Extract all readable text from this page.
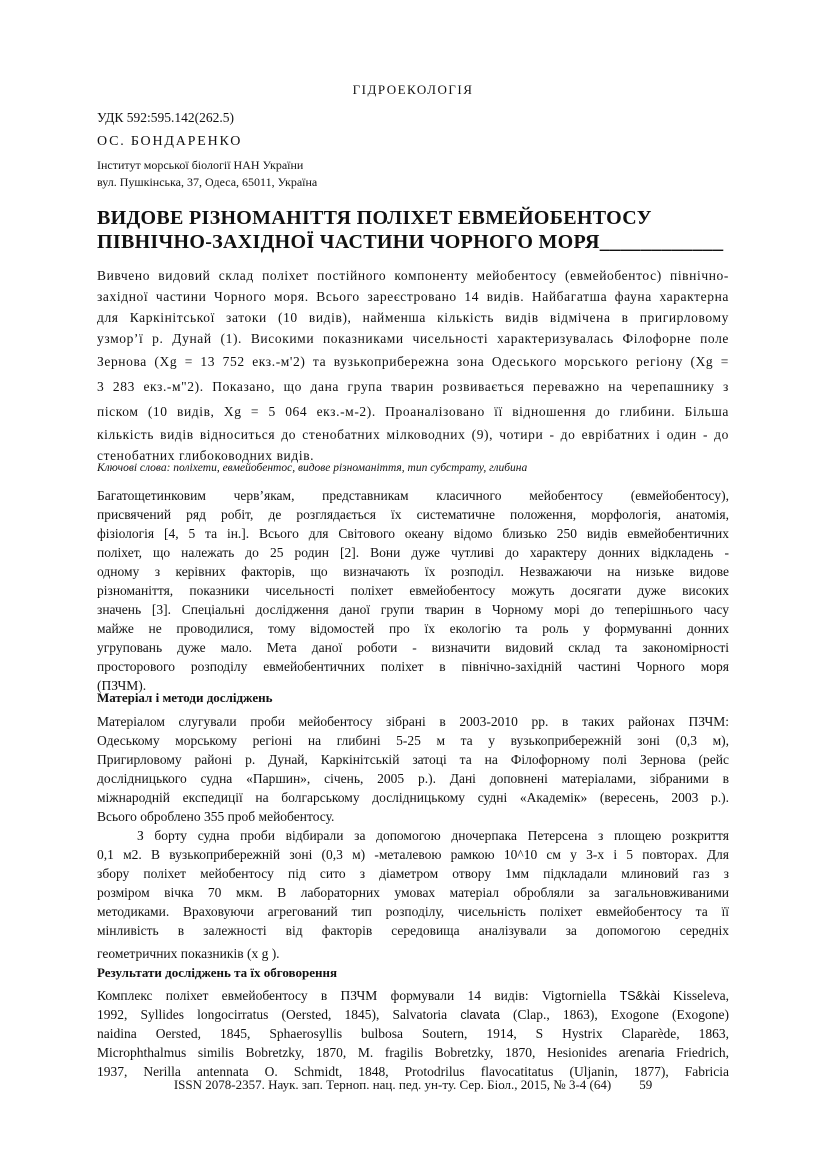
ГІДРОЕКОЛОГІЯ
УДК 592:595.142(262.5)
ОС. БОНДАРЕНКО
Інститут морської біології НАН України
вул. Пушкінська, 37, Одеса, 65011, Україна
ВИДОВЕ РІЗНОМАНІТТЯ ПОЛІХЕТ ЕВМЕЙОБЕНТОСУ
ПІВНІЧНО-ЗАХІДНОЇ ЧАСТИНИ ЧОРНОГО МОРЯ____________
Вивчено видовий склад поліхет постійного компоненту мейобентосу (евмейобентос) північно-
західної частини Чорного моря. Всього зареєстровано 14 видів. Найбагатша фауна характерна
для Каркінітської затоки (10 видів), найменша кількість видів відмічена в пригирловому
узмор’ї р. Дунай (1). Високими показниками чисельності характеризувалась Філофорне поле
Зернова (Xg = 13 752 екз.-м'2) та вузькоприбережна зона Одеського морського регіону (Xg =
3 283 екз.-м"2). Показано, що дана група тварин розвивається переважно на черепашнику з
піском (10 видів, Xg = 5 064 екз.-м-2). Проаналізовано її відношення до глибини. Більша
кількість видів відноситься до стенобатних мілководних (9), чотири - до еврібатних і один - до
стенобатних глибоководних видів.
Ключові слова: поліхети, евмейобентос, видове різноманіття, тип субстрату, глибина
Багатощетинковим черв’якам, представникам класичного мейобентосу (евмейобентосу),
присвячений ряд робіт, де розглядається їх систематичне положення, морфологія, анатомія,
фізіологія [4, 5 та ін.]. Всього для Світового океану відомо близько 250 видів евмейобентичних
поліхет, що належать до 25 родин [2]. Вони дуже чутливі до характеру донних відкладень -
одному з керівних факторів, що визначають їх розподіл. Незважаючи на низьке видове
різноманіття, показники чисельності поліхет евмейобентосу можуть досягати дуже високих
значень [3]. Спеціальні дослідження даної групи тварин в Чорному морі до теперішнього часу
майже не проводилися, тому відомостей про їх екологію та роль у формуванні донних
угруповань дуже мало. Мета даної роботи - визначити видовий склад та закономірності
просторового розподілу евмейобентичних поліхет в північно-західній частині Чорного моря
(ПЗЧМ).
Матеріал і методи досліджень
Матеріалом слугували проби мейобентосу зібрані в 2003-2010 рр. в таких районах ПЗЧМ:
Одеському морському регіоні на глибині 5-25 м та у вузькоприбережній зоні (0,3 м),
Пригирловому районі р. Дунай, Каркінітській затоці та на Філофорному полі Зернова (рейс
дослідницького судна «Паршин», січень, 2005 р.). Дані доповнені матеріалами, зібраними в
міжнародній експедиції на болгарському дослідницькому судні «Академік» (вересень, 2003 р.).
Всього оброблено 355 проб мейобентосу.
З борту судна проби відбирали за допомогою дночерпака Петерсена з площею розкриття
0,1 м2. В вузькоприбережній зоні (0,3 м) -металевою рамкою 10^10 см у 3-х і 5 повторах. Для
збору поліхет мейобентосу під сито з діаметром отвору 1мм підкладали млиновий газ з
розміром вічка 70 мкм. В лабораторних умовах матеріал обробляли за загальновживаними
методиками. Враховуючи агрегований тип розподілу, чисельність поліхет евмейобентосу та її
мінливість в залежності від факторів середовища аналізували за допомогою середніх
геометричних показників (x g ).
Результати досліджень та їх обговорення
Комплекс поліхет евмейобентосу в ПЗЧМ формували 14 видів: Vigtorniella TS&kài Kisseleva,
1992, Syllides longocirratus (Oersted, 1845), Salvatoria clavata (Clap., 1863), Exogone (Exogone)
naidina Oersted, 1845, Sphaerosyllis bulbosa Soutern, 1914, S Hystrix Claparède, 1863,
Microphthalmus similis Bobretzky, 1870, M. fragilis Bobretzky, 1870, Hesionides arenaria Friedrich,
1937, Nerilla antennata O. Schmidt, 1848, Protodrilus flavocatitatus (Uljanin, 1877), Fabricia
ISSN 2078-2357. Наук. зап. Терноп. нац. пед. ун-ту. Сер. Біол., 2015, № 3-4 (64) 59
